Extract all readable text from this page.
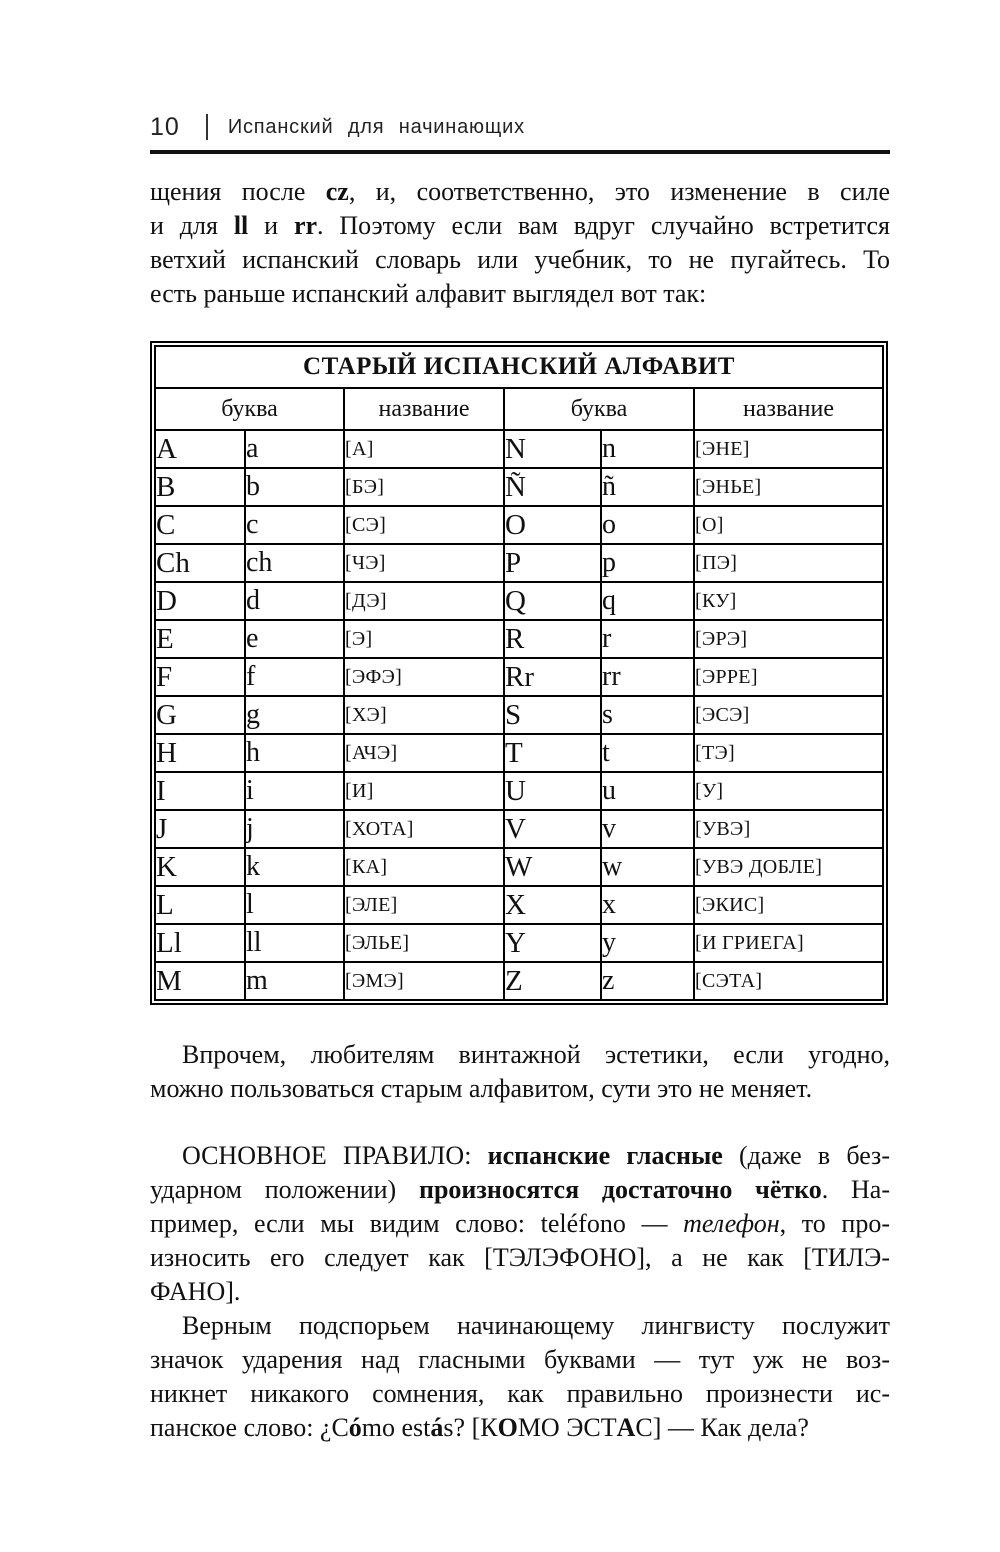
10 Испанский для начинающих
щения после cz, и, соответственно, это изменение в силе
и для ll и rr. Поэтому если вам вдруг случайно встретится
ветхий испанский словарь или учебник, то не пугайтесь. То
есть раньше испанский алфавит выглядел вот так:
СТАРЫЙ ИСПАНСКИЙ АЛФАВИТ					
буква		название	буква		название
A	a	[А]	N	n	[ЭНЕ]
B	b	[БЭ]	Ñ	ñ	[ЭНЬЕ]
C	c	[СЭ]	O	o	[О]
Ch	ch	[ЧЭ]	P	p	[ПЭ]
D	d	[ДЭ]	Q	q	[КУ]
E	e	[Э]	R	r	[ЭРЭ]
F	f	[ЭФЭ]	Rr	rr	[ЭРРЕ]
G	g	[ХЭ]	S	s	[ЭСЭ]
H	h	[АЧЭ]	T	t	[ТЭ]
I	i	[И]	U	u	[У]
J	j	[ХОТА]	V	v	[УВЭ]
K	k	[КА]	W	w	[УВЭ ДОБЛЕ]
L	l	[ЭЛЕ]	X	x	[ЭКИС]
Ll	ll	[ЭЛЬЕ]	Y	y	[И ГРИЕГА]
M	m	[ЭМЭ]	Z	z	[СЭТА]
Впрочем, любителям винтажной эстетики, если угодно,
можно пользоваться старым алфавитом, сути это не меняет.
ОСНОВНОЕ ПРАВИЛО: испанские гласные (даже в без-
ударном положении) произносятся достаточно чётко. На-
пример, если мы видим слово: teléfono — телефон, то про-
износить его следует как [ТЭЛЭФОНО], а не как [ТИЛЭ-
ФАНО].
Верным подспорьем начинающему лингвисту послужит
значок ударения над гласными буквами — тут уж не воз-
никнет никакого сомнения, как правильно произнести ис-
панское слово: ¿Cómo estás? [КОМО ЭСТАС] — Как дела?
